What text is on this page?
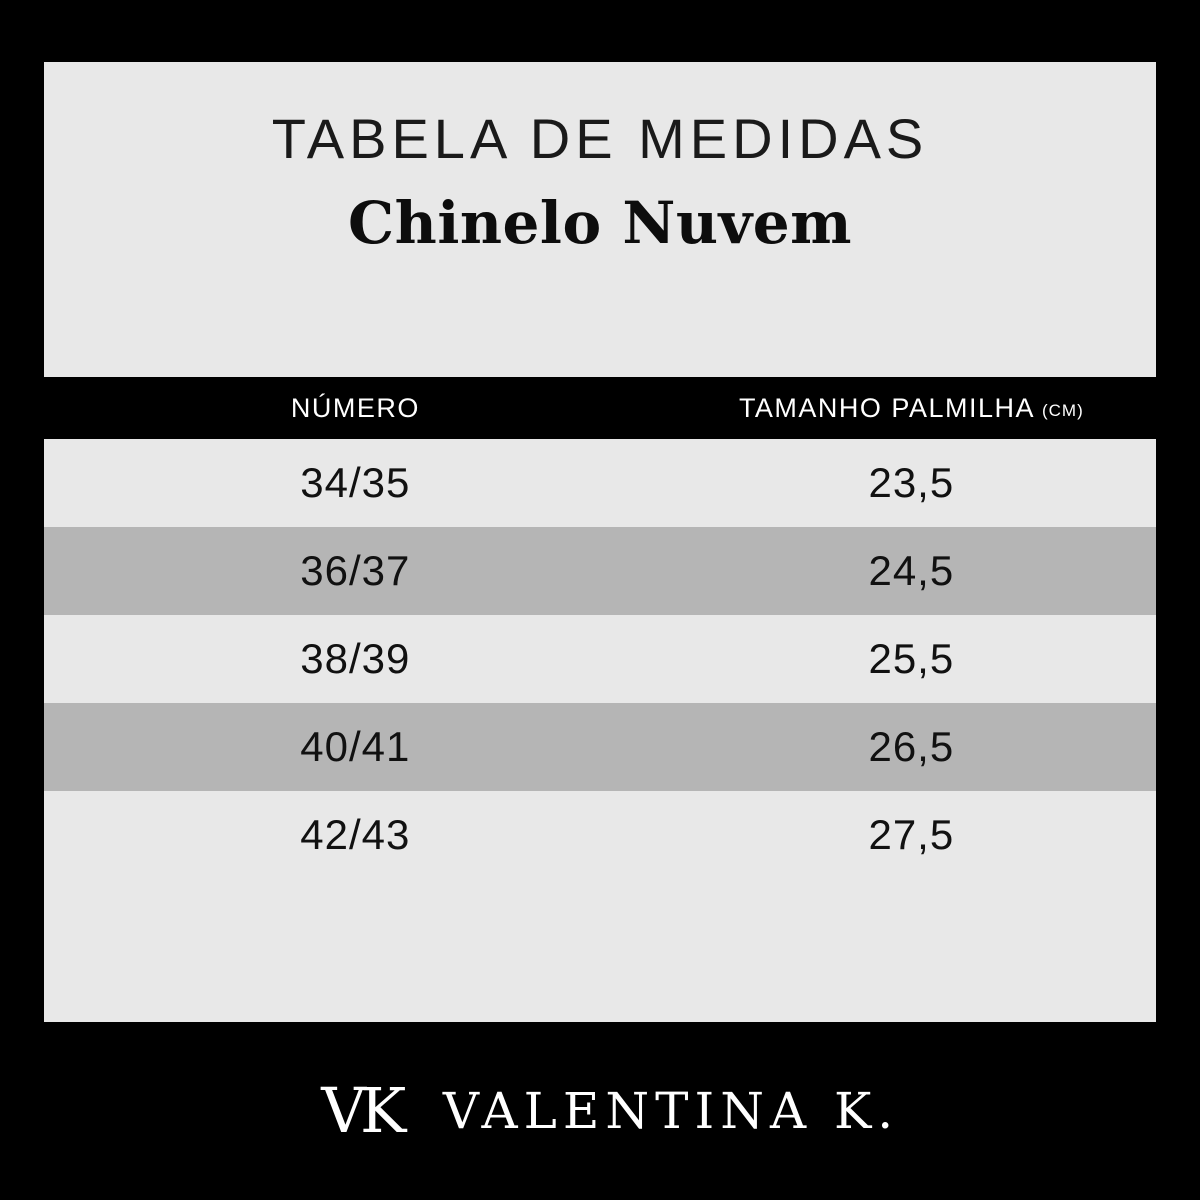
TABELA DE MEDIDAS
Chinelo Nuvem
NÚMERO	TAMANHO PALMILHA (CM)
34/35	23,5
36/37	24,5
38/39	25,5
40/41	26,5
42/43	27,5
VK VALENTINA K.
